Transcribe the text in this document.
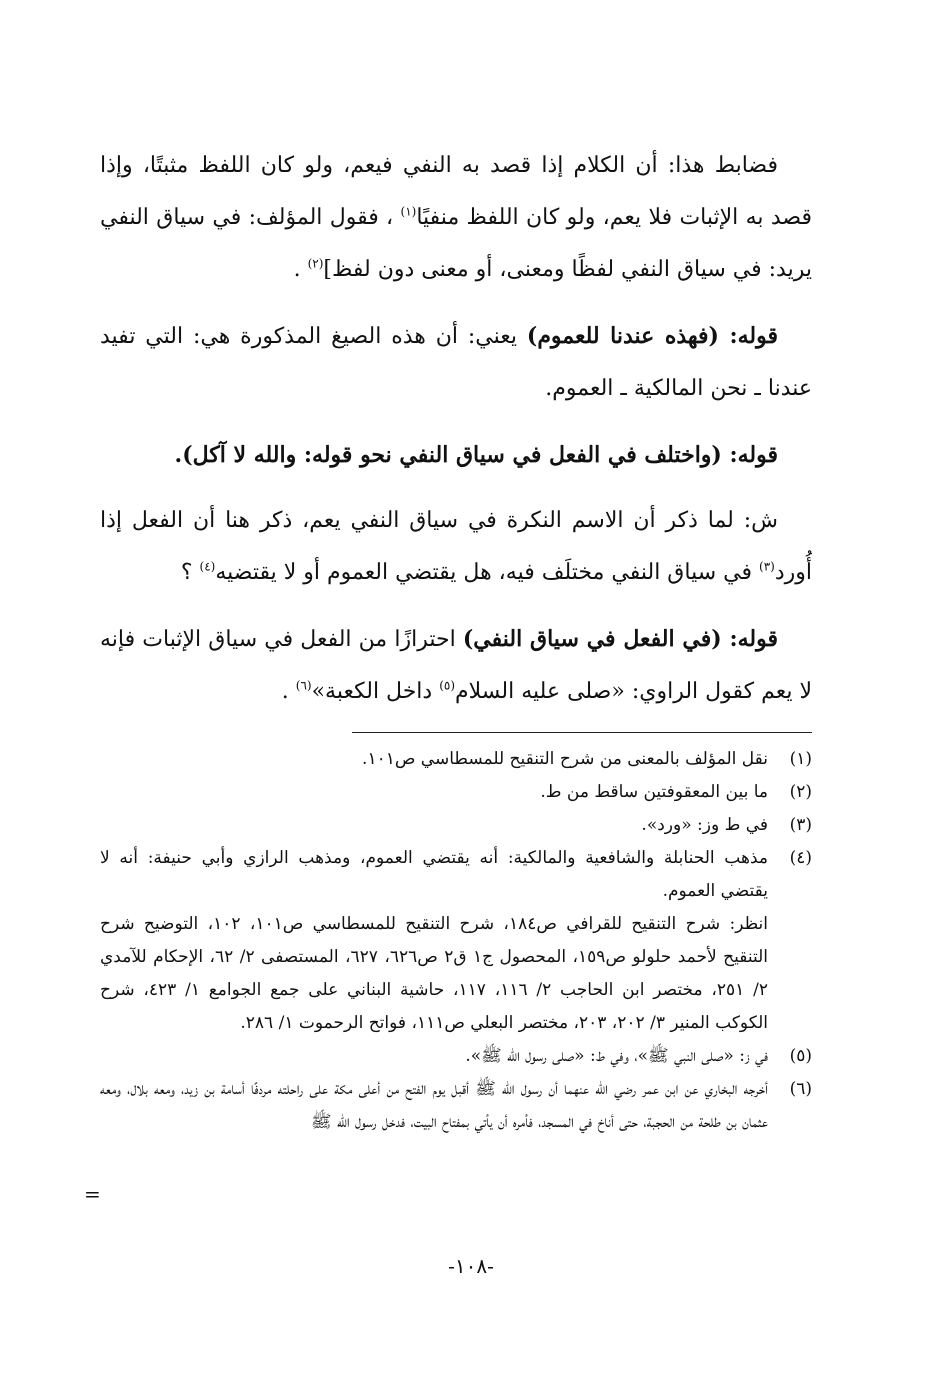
فضابط هذا: أن الكلام إذا قصد به النفي فيعم، ولو كان اللفظ مثبتًا، وإذا قصد به الإثبات فلا يعم، ولو كان اللفظ منفيًا$^{(١)}$ ، فقول المؤلف: في سياق النفي يريد: في سياق النفي لفظًا ومعنى، أو معنى دون لفظ]$^{(٢)}$ .

قوله: (فهذه عندنا للعموم) يعني: أن هذه الصيغ المذكورة هي: التي تفيد عندنا ـ نحن المالكية ـ العموم.

قوله: (واختلف في الفعل في سياق النفي نحو قوله: والله لا آكل).

ش: لما ذكر أن الاسم النكرة في سياق النفي يعم، ذكر هنا أن الفعل إذا أُورد$^{(٣)}$ في سياق النفي مختلَف فيه، هل يقتضي العموم أو لا يقتضيه$^{(٤)}$ ؟

قوله: (في الفعل في سياق النفي) احترازًا من الفعل في سياق الإثبات فإنه لا يعم كقول الراوي: «صلى عليه السلام$^{(٥)}$ داخل الكعبة»$^{(٦)}$ .

(١)
نقل المؤلف بالمعنى من شرح التنقيح للمسطاسي ص١٠١.
(٢)
ما بين المعقوفتين ساقط من ط.
(٣)
في ط وز: «ورد».
(٤)
مذهب الحنابلة والشافعية والمالكية: أنه يقتضي العموم، ومذهب الرازي وأبي حنيفة: أنه لا يقتضي العموم.
انظر: شرح التنقيح للقرافي ص١٨٤، شرح التنقيح للمسطاسي ص١٠١، ١٠٢، التوضيح شرح التنقيح لأحمد حلولو ص١٥٩، المحصول ج١ ق٢ ص٦٢٦، ٦٢٧، المستصفى ٢/ ٦٢، الإحكام للآمدي ٢/ ٢٥١، مختصر ابن الحاجب ٢/ ١١٦، ١١٧، حاشية البناني على جمع الجوامع ١/ ٤٢٣، شرح الكوكب المنير ٣/ ٢٠٢، ٢٠٣، مختصر البعلي ص١١١، فواتح الرحموت ١/ ٢٨٦.
(٥)
في ز: «صلى النبي ﷺ»، وفي ط: «صلى رسول الله ﷺ».
(٦)
أخرجه البخاري عن ابن عمر رضي الله عنهما أن رسول الله ﷺ أقبل يوم الفتح من أعلى مكة على راحلته مردفًا أسامة بن زيد، ومعه بلال، ومعه عثمان بن طلحة من الحجبة، حتى أناخ في المسجد، فأمره أن يأتي بمفتاح البيت، فدخل رسول الله ﷺ
=
-١٠٨-
